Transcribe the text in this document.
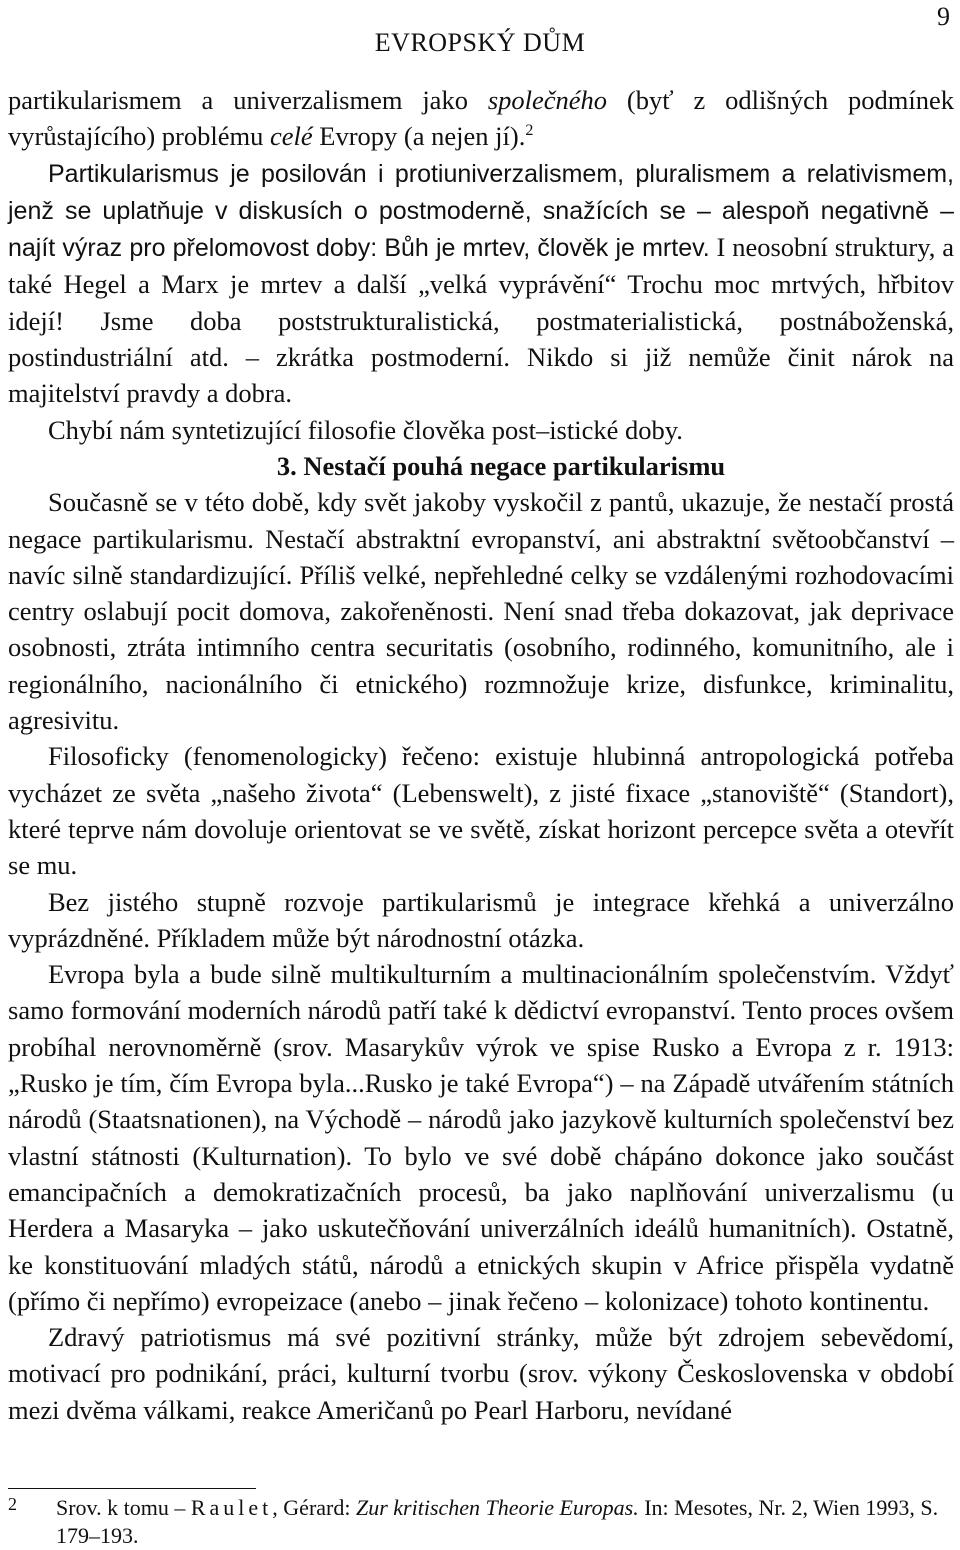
EVROPSKÝ DŮM
9

partikularismem a univerzalismem jako společného (byť z odlišných podmínek vyrůstajícího) problému celé Evropy (a nejen jí).$^2$

Partikularismus je posilován i protiuniverzalismem, pluralismem a relativismem, jenž se uplatňuje v diskusích o postmoderně, snažících se – alespoň negativně – najít výraz pro přelomovost doby: Bůh je mrtev, člověk je mrtev. I neosobní struktury, a také Hegel a Marx je mrtev a další „velká vyprávění“ Trochu moc mrtvých, hřbitov idejí! Jsme doba poststrukturalistická, postmaterialistická, postnáboženská, postindustriální atd. – zkrátka postmoderní. Nikdo si již nemůže činit nárok na majitelství pravdy a dobra.

Chybí nám syntetizující filosofie člověka post–istické doby.

3. Nestačí pouhá negace partikularismu

Současně se v této době, kdy svět jakoby vyskočil z pantů, ukazuje, že nestačí prostá negace partikularismu. Nestačí abstraktní evropanství, ani abstraktní světoobčanství – navíc silně standardizující. Příliš velké, nepřehledné celky se vzdálenými rozhodovacími centry oslabují pocit domova, zakořeněnosti. Není snad třeba dokazovat, jak deprivace osobnosti, ztráta intimního centra securitatis (osobního, rodinného, komunitního, ale i regionálního, nacionálního či etnického) rozmnožuje krize, disfunkce, kriminalitu, agresivitu.

Filosoficky (fenomenologicky) řečeno: existuje hlubinná antropologická potřeba vycházet ze světa „našeho života“ (Lebenswelt), z jisté fixace „stanoviště“ (Standort), které teprve nám dovoluje orientovat se ve světě, získat horizont percepce světa a otevřít se mu.

Bez jistého stupně rozvoje partikularismů je integrace křehká a univerzálno vyprázdněné. Příkladem může být národnostní otázka.

Evropa byla a bude silně multikulturním a multinacionálním společenstvím. Vždyť samo formování moderních národů patří také k dědictví evropanství. Tento proces ovšem probíhal nerovnoměrně (srov. Masarykův výrok ve spise Rusko a Evropa z r. 1913: „Rusko je tím, čím Evropa byla...Rusko je také Evropa“) – na Západě utvářením státních národů (Staatsnationen), na Východě – národů jako jazykově kulturních společenství bez vlastní státnosti (Kulturnation). To bylo ve své době chápáno dokonce jako součást emancipačních a demokratizačních procesů, ba jako naplňování univerzalismu (u Herdera a Masaryka – jako uskutečňování univerzálních ideálů humanitních). Ostatně, ke konstituování mladých států, národů a etnických skupin v Africe přispěla vydatně (přímo či nepřímo) evropeizace (anebo – jinak řečeno – kolonizace) tohoto kontinentu.

Zdravý patriotismus má své pozitivní stránky, může být zdrojem sebevědomí, motivací pro podnikání, práci, kulturní tvorbu (srov. výkony Československa v období mezi dvěma válkami, reakce Američanů po Pearl Harboru, nevídané

2 Srov. k tomu – Raulet, Gérard: Zur kritischen Theorie Europas. In: Mesotes, Nr. 2, Wien 1993, S. 179–193.
